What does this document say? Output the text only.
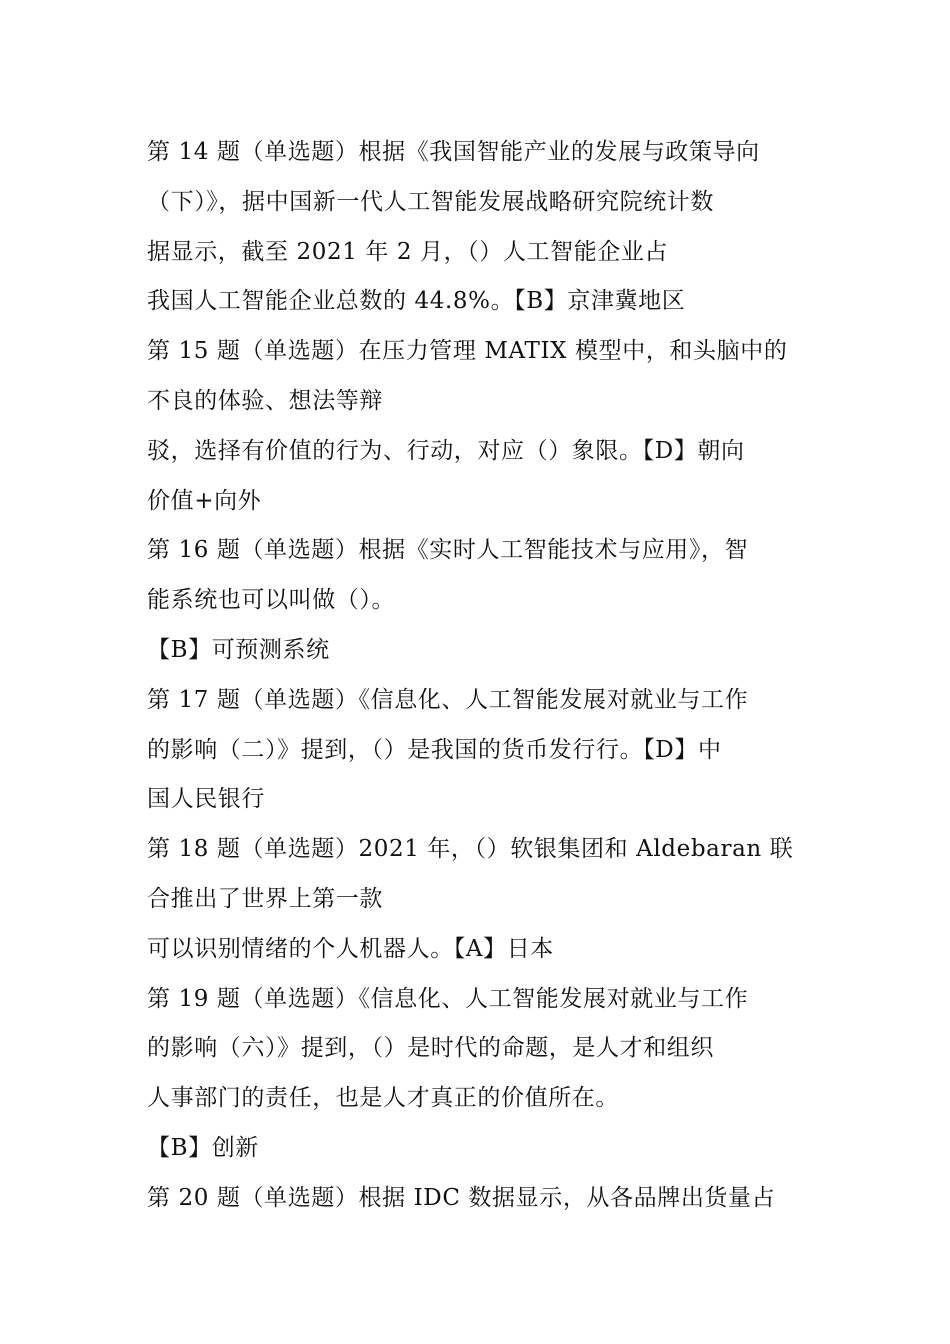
第 14 题（单选题）根据《我国智能产业的发展与政策导向
（下）》，据中国新一代人工智能发展战略研究院统计数
据显示，截至 2021 年 2 月，（）人工智能企业占
我国人工智能企业总数的 44.8%。【B】京津冀地区
第 15 题（单选题）在压力管理 MATIX 模型中，和头脑中的
不良的体验、想法等辩
驳，选择有价值的行为、行动，对应（）象限。【D】朝向
价值+向外
第 16 题（单选题）根据《实时人工智能技术与应用》，智
能系统也可以叫做（）。
【B】可预测系统
第 17 题（单选题）《信息化、人工智能发展对就业与工作
的影响（二）》提到，（）是我国的货币发行行。【D】中
国人民银行
第 18 题（单选题）2021 年，（）软银集团和 Aldebaran 联
合推出了世界上第一款
可以识别情绪的个人机器人。【A】日本
第 19 题（单选题）《信息化、人工智能发展对就业与工作
的影响（六）》提到，（）是时代的命题，是人才和组织
人事部门的责任，也是人才真正的价值所在。
【B】创新
第 20 题（单选题）根据 IDC 数据显示，从各品牌出货量占
